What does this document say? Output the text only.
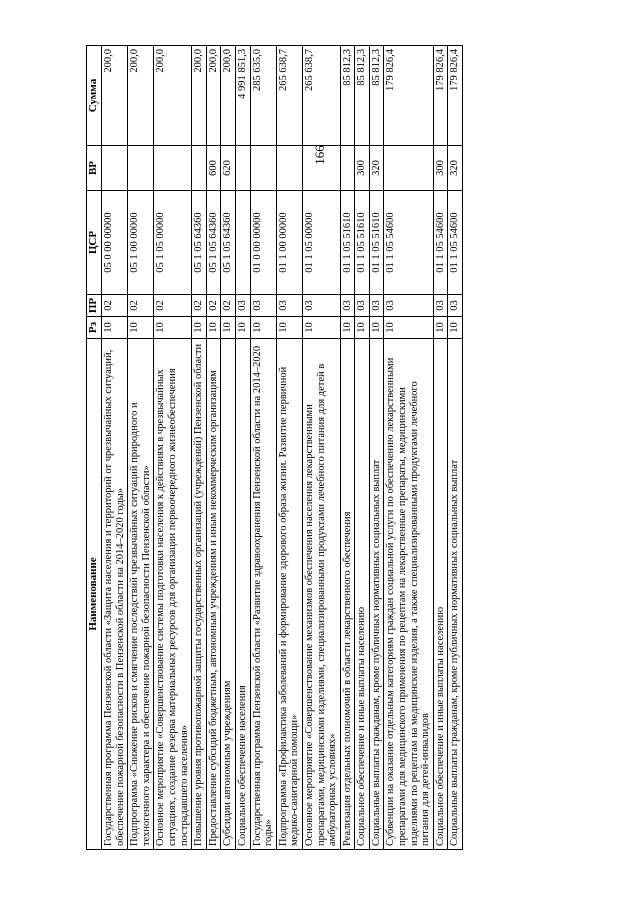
166
Наименование	Рз	ПР	ЦСР	ВР	Сумма
Государственная программа Пензенской области «Защита населения и территорий от чрезвычайных ситуаций, обеспечение пожарной безопасности в Пензенской области на 2014–2020 годы»	10	02	05 0 00 00000		200,0
Подпрограмма «Снижение рисков и смягчение последствий чрезвычайных ситуаций природного и техногенного характера и обеспечение пожарной безопасности Пензенской области»	10	02	05 1 00 00000		200,0
Основное мероприятие «Совершенствование системы подготовки населения к действиям в чрезвычайных ситуациях, создание резерва материальных ресурсов для организации первоочередного жизнеобеспечения пострадавшего населения»	10	02	05 1 05 00000		200,0
Повышение уровня противопожарной защиты государственных организаций (учреждений) Пензенской области	10	02	05 1 05 64360		200,0
Предоставление субсидий бюджетным, автономным учреждениям и иным некоммерческим организациям	10	02	05 1 05 64360	600	200,0
Субсидии автономным учреждениям	10	02	05 1 05 64360	620	200,0
Социальное обеспечение населения	10	03			4 991 851,3
Государственная программа Пензенской области «Развитие здравоохранения Пензенской области на 2014–2020 годы»	10	03	01 0 00 00000		285 635,0
Подпрограмма «Профилактика заболеваний и формирование здорового образа жизни. Развитие первичной медико-санитарной помощи»	10	03	01 1 00 00000		265 638,7
Основное мероприятие «Совершенствование механизмов обеспечения населения лекарственными препаратами, медицинскими изделиями, специализированными продуктами лечебного питания для детей в амбулаторных условиях»	10	03	01 1 05 00000		265 638,7
Реализация отдельных полномочий в области лекарственного обеспечения	10	03	01 1 05 51610		85 812,3
Социальное обеспечение и иные выплаты населению	10	03	01 1 05 51610	300	85 812,3
Социальные выплаты гражданам, кроме публичных нормативных социальных выплат	10	03	01 1 05 51610	320	85 812,3
Субвенции на оказание отдельным категориям граждан социальной услуги по обеспечению лекарственными препаратами для медицинского применения по рецептам на лекарственные препараты, медицинскими изделиями по рецептам на медицинские изделия, а также специализированными продуктами лечебного питания для детей-инвалидов	10	03	01 1 05 54600		179 826,4
Социальное обеспечение и иные выплаты населению	10	03	01 1 05 54600	300	179 826,4
Социальные выплаты гражданам, кроме публичных нормативных социальных выплат	10	03	01 1 05 54600	320	179 826,4
